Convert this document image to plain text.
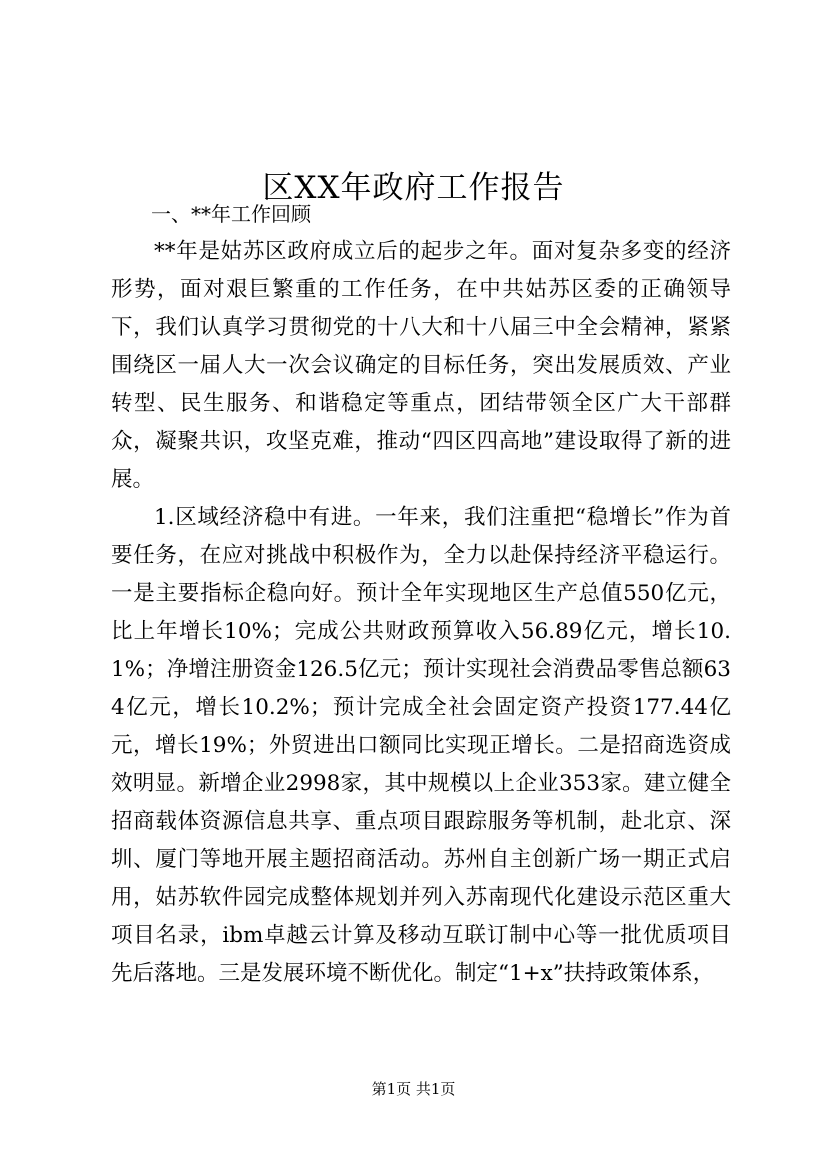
区XX年政府工作报告

一、**年工作回顾

**年是姑苏区政府成立后的起步之年。面对复杂多变的经济形势，面对艰巨繁重的工作任务，在中共姑苏区委的正确领导下，我们认真学习贯彻党的十八大和十八届三中全会精神，紧紧围绕区一届人大一次会议确定的目标任务，突出发展质效、产业转型、民生服务、和谐稳定等重点，团结带领全区广大干部群众，凝聚共识，攻坚克难，推动“四区四高地”建设取得了新的进展。

1.区域经济稳中有进。一年来，我们注重把“稳增长”作为首要任务，在应对挑战中积极作为，全力以赴保持经济平稳运行。一是主要指标企稳向好。预计全年实现地区生产总值550亿元，比上年增长10%；完成公共财政预算收入56.89亿元，增长10.1%；净增注册资金126.5亿元；预计实现社会消费品零售总额634亿元，增长10.2%；预计完成全社会固定资产投资177.44亿元，增长19%；外贸进出口额同比实现正增长。二是招商选资成效明显。新增企业2998家，其中规模以上企业353家。建立健全招商载体资源信息共享、重点项目跟踪服务等机制，赴北京、深圳、厦门等地开展主题招商活动。苏州自主创新广场一期正式启用，姑苏软件园完成整体规划并列入苏南现代化建设示范区重大项目名录，ibm卓越云计算及移动互联订制中心等一批优质项目先后落地。三是发展环境不断优化。制定“1+x”扶持政策体系，

第1页 共1页
